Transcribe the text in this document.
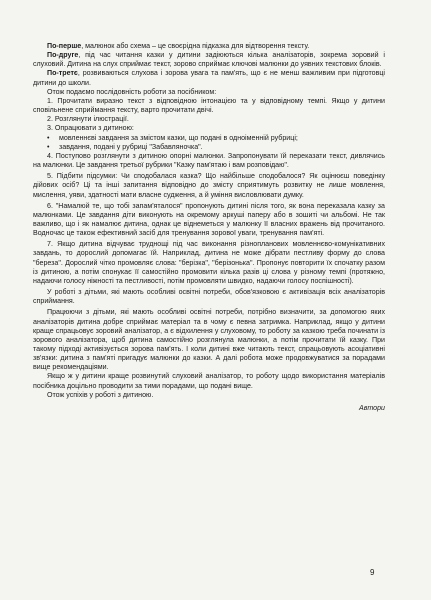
По-перше, малюнок або схема – це своєрідна підказка для відтворення тексту.

По-друге, під час читання казки у дитини задіюються кілька аналізаторів, зокрема зоровий і слуховий. Дитина на слух сприймає текст, зорово сприймає ключові малюнки до уявних текстових блоків.

По-третє, розвиваються слухова і зорова увага та пам'ять, що є не менш важливим при підготовці дитини до школи.

Отож подаємо послідовність роботи за посібником:

1. Прочитати виразно текст з відповідною інтонацією та у відповідному темпі. Якщо у дитини сповільнене сприймання тексту, варто прочитати двічі.

2. Розглянути ілюстрації.

3. Опрацювати з дитиною:

•	мовленнєві завдання за змістом казки, що подані в одноіменній рубриці;
•	завдання, подані у рубриці "Забавляночка".

4. Поступово розглянути з дитиною опорні малюнки. Запропонувати їй переказати текст, дивлячись на малюнки. Це завдання третьої рубрики "Казку пам'ятаю і вам розповідаю".

5. Підбити підсумки: Чи сподобалася казка? Що найбільше сподобалося? Як оцінюєш поведінку дійових осіб? Ці та інші запитання відповідно до змісту сприятимуть розвитку не лише мовлення, мислення, уяви, здатності мати власне судження, а й уміння висловлювати думку.

6. "Намалюй те, що тобі запам'яталося" пропонують дитині після того, як вона переказала казку за малюнками. Це завдання діти виконують на окремому аркуші паперу або в зошиті чи альбомі. Не так важливо, що і як намалює дитина, однак це віднеметься у малюнку її власних вражень від прочитаного. Водночас це також ефективний засіб для тренування зорової уваги, тренування пам'яті.

7. Якщо дитина відчуває труднощі під час виконання різнопланових мовленнєво-комунікативних завдань, то дорослий допомагає їй. Наприклад, дитина не може дібрати пестливу форму до слова "береза". Дорослий чітко промовляє слова: "берізка", "берізонька". Пропонує повторити їх спочатку разом із дитиною, а потім спонукає її самостійно промовити кілька разів ці слова у різному темпі (протяжно, надаючи голосу ніжності та пестливості, потім промовляти швидко, надаючи голосу поспішності).

У роботі з дітьми, які мають особливі освітні потреби, обов'язковою є активізація всіх аналізаторів сприймання.

Працюючи з дітьми, які мають особливі освітні потреби, потрібно визначити, за допомогою яких аналізаторів дитина добре сприймає матеріал та в чому є певна затримка. Наприклад, якщо у дитини краще спрацьовує зоровий аналізатор, а є відхилення у слуховому, то роботу за казкою треба починати із зорового аналізатора, щоб дитина самостійно розглянула малюнки, а потім прочитати їй казку. При такому підході активізується зорова пам'ять. І коли дитині вже читають текст, спрацьовують асоціативні зв'язки: дитина з пам'яті пригадує малюнки до казки. А далі робота може продовжуватися за порадами вище рекомендаціями.

Якщо ж у дитини краще розвинутий слуховий аналізатор, то роботу щодо використання матеріалів посібника доцільно проводити за тими порадами, що подані вище.

Отож успіхів у роботі з дитиною.

Автори

9
